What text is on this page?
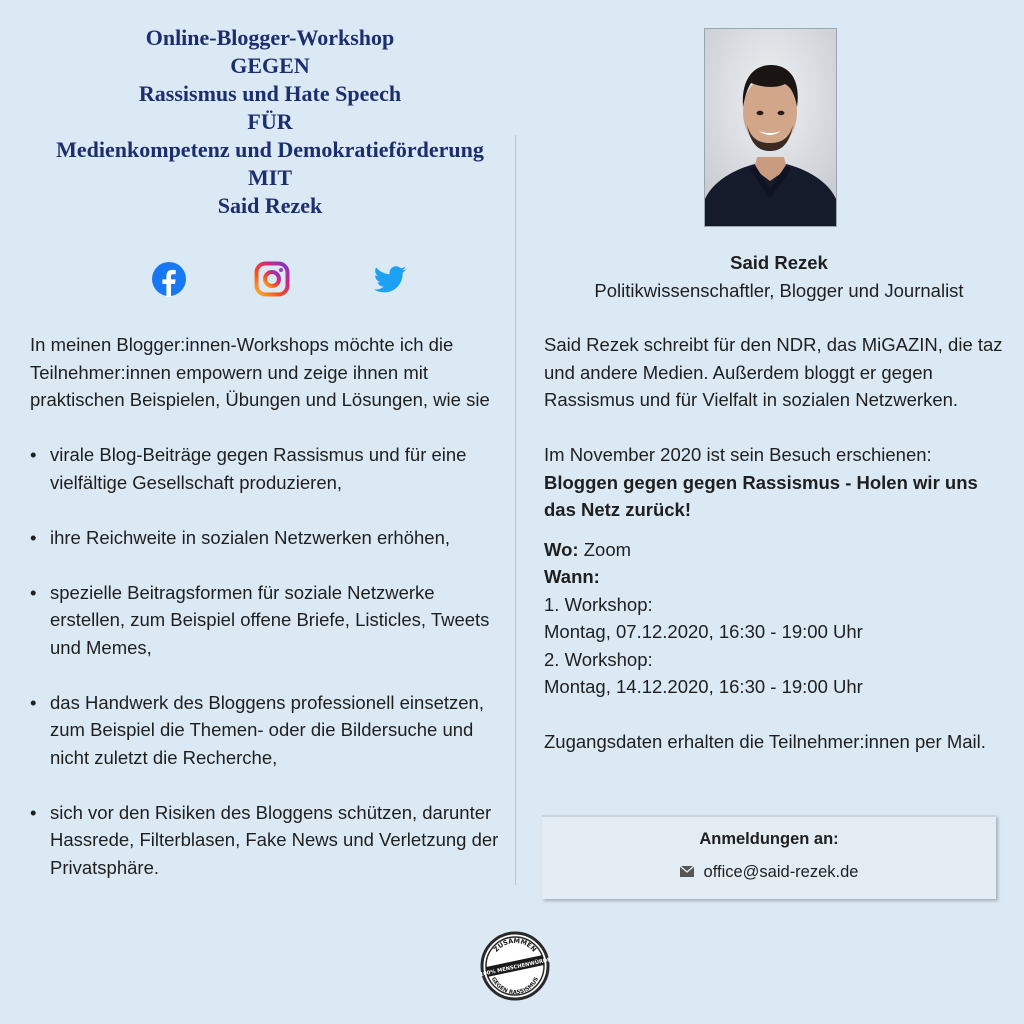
Online-Blogger-Workshop
GEGEN
Rassismus und Hate Speech
FÜR
Medienkompetenz und Demokratieförderung
MIT
Said Rezek

In meinen Blogger:innen-Workshops möchte ich die Teilnehmer:innen empowern und zeige ihnen mit praktischen Beispielen, Übungen und Lösungen, wie sie

• virale Blog-Beiträge gegen Rassismus und für eine vielfältige Gesellschaft produzieren,
• ihre Reichweite in sozialen Netzwerken erhöhen,
• spezielle Beitragsformen für soziale Netzwerke erstellen, zum Beispiel offene Briefe, Listicles, Tweets und Memes,
• das Handwerk des Bloggens professionell einsetzen, zum Beispiel die Themen- oder die Bildersuche und nicht zuletzt die Recherche,
• sich vor den Risiken des Bloggens schützen, darunter Hassrede, Filterblasen, Fake News und Verletzung der Privatsphäre.
Said Rezek
Politikwissenschaftler, Blogger und Journalist

Said Rezek schreibt für den NDR, das MiGAZIN, die taz und andere Medien. Außerdem bloggt er gegen Rassismus und für Vielfalt in sozialen Netzwerken.

Im November 2020 ist sein Besuch erschienen:

Bloggen gegen gegen Rassismus - Holen wir uns das Netz zurück!

Wo: Zoom

Wann:

1. Workshop:

Montag, 07.12.2020, 16:30 - 19:00 Uhr

2. Workshop:

Montag, 14.12.2020, 16:30 - 19:00 Uhr

Zugangsdaten erhalten die Teilnehmer:innen per Mail.

Anmeldungen an:
office@said-rezek.de
ZUSAMMEN
100% MENSCHENWÜRDE
GEGEN RASSISMUS
